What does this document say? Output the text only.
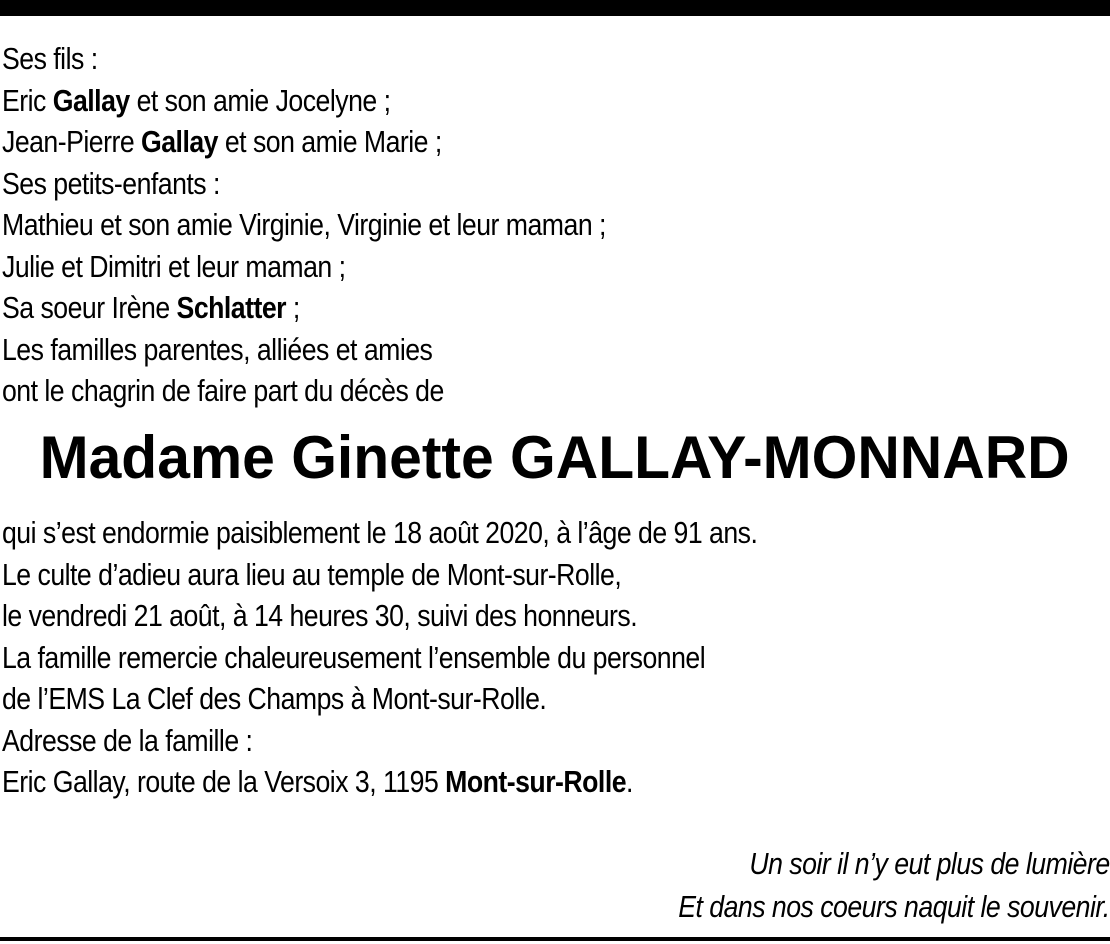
Ses fils :
Eric Gallay et son amie Jocelyne ;
Jean-Pierre Gallay et son amie Marie ;
Ses petits-enfants :
Mathieu et son amie Virginie, Virginie et leur maman ;
Julie et Dimitri et leur maman ;
Sa soeur Irène Schlatter ;
Les familles parentes, alliées et amies
ont le chagrin de faire part du décès de
Madame Ginette GALLAY-MONNARD
qui s’est endormie paisiblement le 18 août 2020, à l’âge de 91 ans.
Le culte d’adieu aura lieu au temple de Mont-sur-Rolle,
le vendredi 21 août, à 14 heures 30, suivi des honneurs.
La famille remercie chaleureusement l’ensemble du personnel
de l’EMS La Clef des Champs à Mont-sur-Rolle.
Adresse de la famille :
Eric Gallay, route de la Versoix 3, 1195 Mont-sur-Rolle.
Un soir il n’y eut plus de lumière
Et dans nos coeurs naquit le souvenir.
